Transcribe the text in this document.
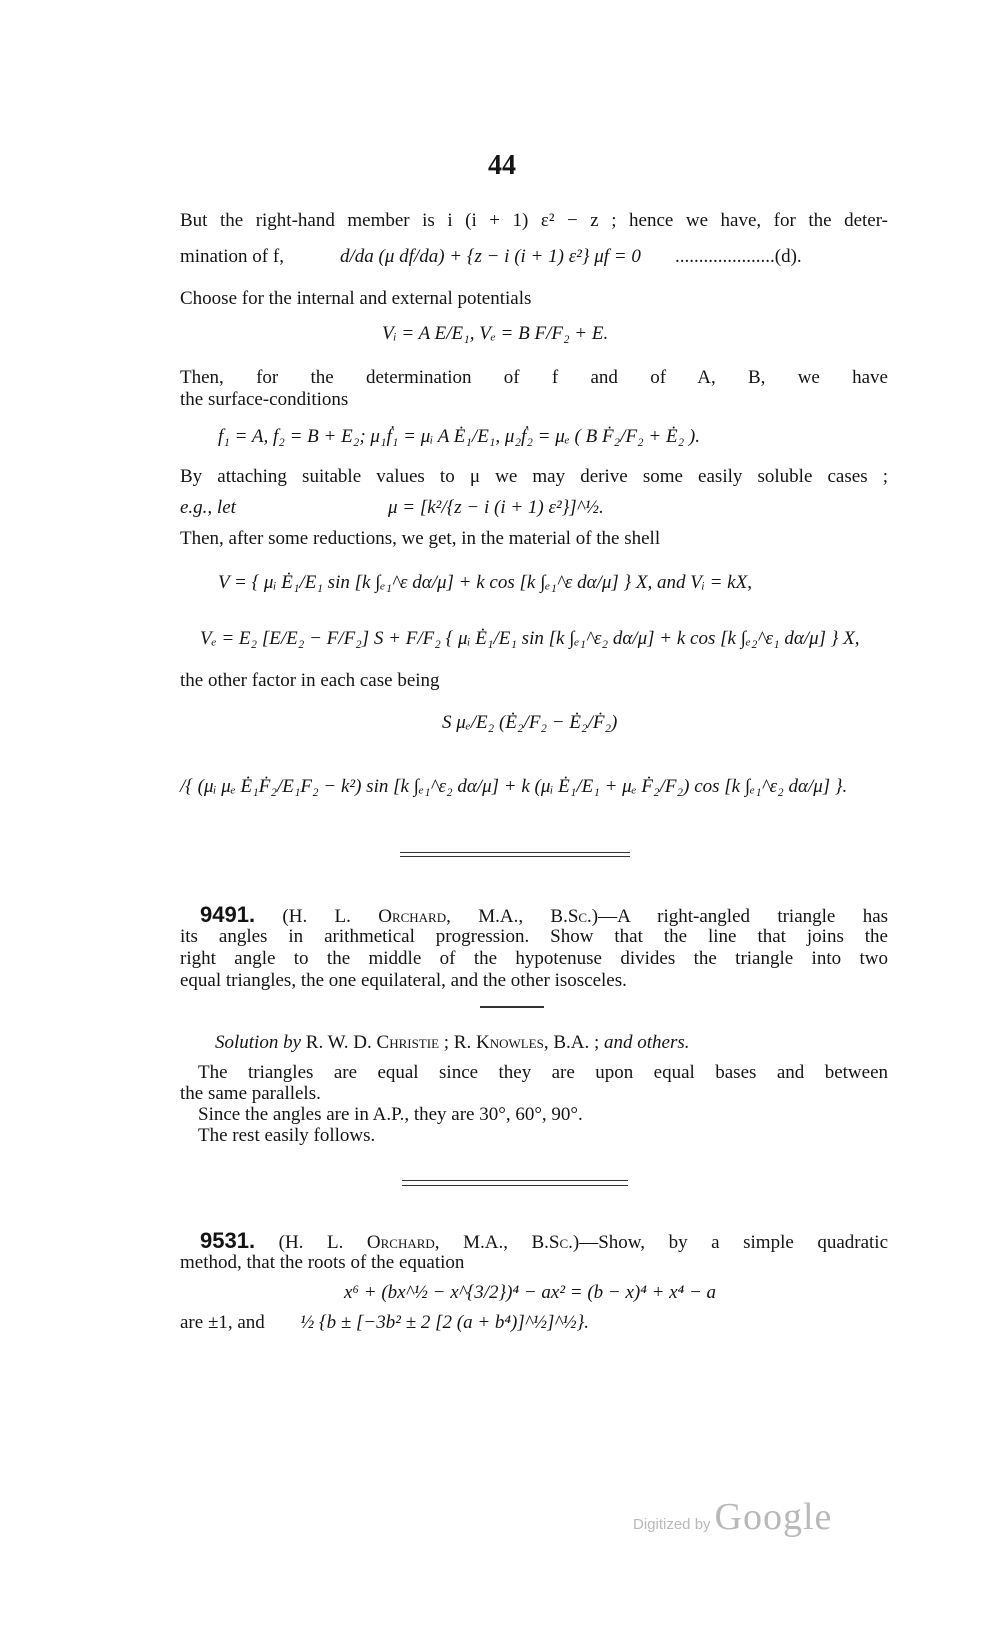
44
But the right-hand member is i (i + 1) ε² − z ; hence we have, for the deter-
mination of f,	d/da (μ df/da) + {z − i (i + 1) ε²} μf = 0 .....................(d).
Choose for the internal and external potentials
Vᵢ = A E/E₁, Vₑ = B F/F₂ + E.
Then, for the determination of f and of A, B, we have
the surface-conditions
f₁ = A, f₂ = B + E₂; μ₁ḟ₁ = μᵢ A Ė₁/E₁, μ₂ḟ₂ = μₑ ( B Ḟ₂/F₂ + Ė₂ ).
By attaching suitable values to μ we may derive some easily soluble cases ;
e.g., let	μ = [k²/{z − i (i + 1) ε²}]^½.
Then, after some reductions, we get, in the material of the shell
V = { μᵢ Ė₁/E₁ sin [k ∫ₑ₁^ε dα/μ] + k cos [k ∫ₑ₁^ε dα/μ] } X, and Vᵢ = kX,
Vₑ = E₂ [E/E₂ − F/F₂] S + F/F₂ { μᵢ Ė₁/E₁ sin [k ∫ₑ₁^ε₂ dα/μ] + k cos [k ∫ₑ₂^ε₁ dα/μ] } X,
the other factor in each case being
S μₑ/E₂ (Ė₂/F₂ − Ė₂/Ḟ₂)
/{ (μᵢ μₑ Ė₁Ḟ₂/E₁F₂ − k²) sin [k ∫ₑ₁^ε₂ dα/μ] + k (μᵢ Ė₁/E₁ + μₑ Ḟ₂/F₂) cos [k ∫ₑ₁^ε₂ dα/μ] }.
9491. (H. L. Orchard, M.A., B.Sc.)—A right-angled triangle has
its angles in arithmetical progression. Show that the line that joins the
right angle to the middle of the hypotenuse divides the triangle into two
equal triangles, the one equilateral, and the other isosceles.
Solution by R. W. D. Christie ; R. Knowles, B.A. ; and others.
The triangles are equal since they are upon equal bases and between
the same parallels.
Since the angles are in A.P., they are 30°, 60°, 90°.
The rest easily follows.
9531. (H. L. Orchard, M.A., B.Sc.)—Show, by a simple quadratic
method, that the roots of the equation
x⁶ + (bx^½ − x^{3/2})⁴ − ax² = (b − x)⁴ + x⁴ − a
are ±1, and ½ {b ± [−3b² ± 2 [2 (a + b⁴)]^½]^½}.
Digitized by Google
